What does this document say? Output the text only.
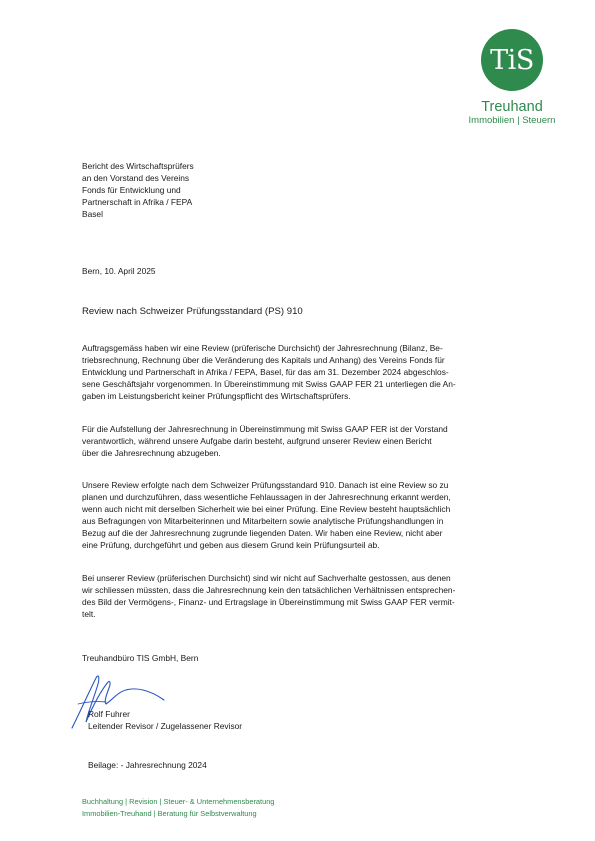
TiS
Treuhand
Immobilien | Steuern
Bericht des Wirtschaftsprüfers
an den Vorstand des Vereins
Fonds für Entwicklung und
Partnerschaft in Afrika / FEPA
Basel
Bern, 10. April 2025
Review nach Schweizer Prüfungsstandard (PS) 910
Auftragsgemäss haben wir eine Review (prüferische Durchsicht) der Jahresrechnung (Bilanz, Be-
triebsrechnung, Rechnung über die Veränderung des Kapitals und Anhang) des Vereins Fonds für
Entwicklung und Partnerschaft in Afrika / FEPA, Basel, für das am 31. Dezember 2024 abgeschlos-
sene Geschäftsjahr vorgenommen. In Übereinstimmung mit Swiss GAAP FER 21 unterliegen die An-
gaben im Leistungsbericht keiner Prüfungspflicht des Wirtschaftsprüfers.
Für die Aufstellung der Jahresrechnung in Übereinstimmung mit Swiss GAAP FER ist der Vorstand
verantwortlich, während unsere Aufgabe darin besteht, aufgrund unserer Review einen Bericht
über die Jahresrechnung abzugeben.
Unsere Review erfolgte nach dem Schweizer Prüfungsstandard 910. Danach ist eine Review so zu
planen und durchzuführen, dass wesentliche Fehlaussagen in der Jahresrechnung erkannt werden,
wenn auch nicht mit derselben Sicherheit wie bei einer Prüfung. Eine Review besteht hauptsächlich
aus Befragungen von Mitarbeiterinnen und Mitarbeitern sowie analytische Prüfungshandlungen in
Bezug auf die der Jahresrechnung zugrunde liegenden Daten. Wir haben eine Review, nicht aber
eine Prüfung, durchgeführt und geben aus diesem Grund kein Prüfungsurteil ab.
Bei unserer Review (prüferischen Durchsicht) sind wir nicht auf Sachverhalte gestossen, aus denen
wir schliessen müssten, dass die Jahresrechnung kein den tatsächlichen Verhältnissen entsprechen-
des Bild der Vermögens-, Finanz- und Ertragslage in Übereinstimmung mit Swiss GAAP FER vermit-
telt.
Treuhandbüro TIS GmbH, Bern
Rolf Fuhrer
Leitender Revisor / Zugelassener Revisor
Beilage: - Jahresrechnung 2024
Buchhaltung | Revision | Steuer- & Unternehmensberatung
Immobilien-Treuhand | Beratung für Selbstverwaltung
